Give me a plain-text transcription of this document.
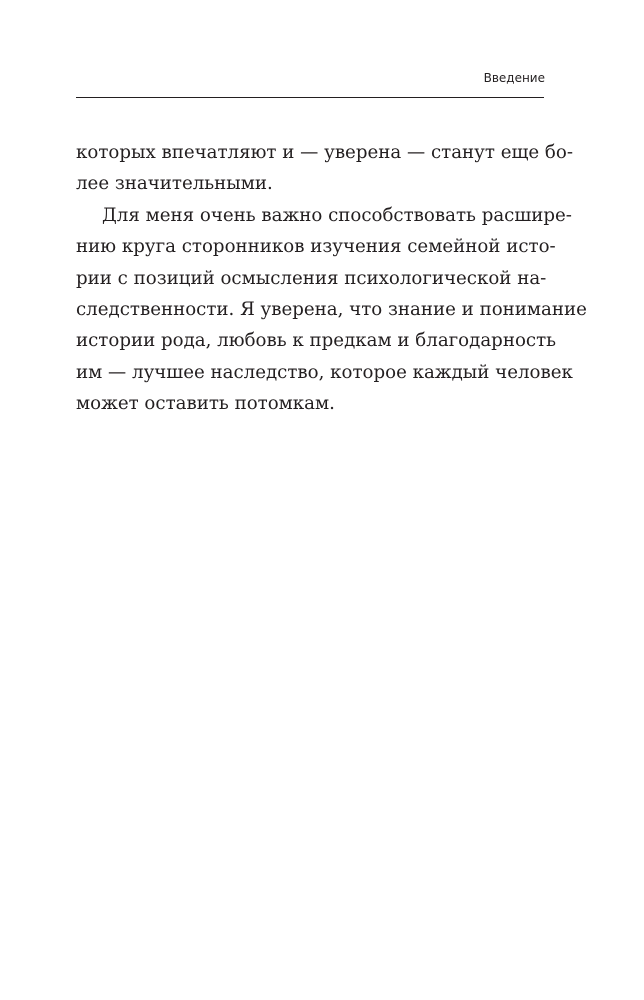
Введение
которых впечатляют и — уверена — станут еще бо-
лее значительными.
Для меня очень важно способствовать расшире-
нию круга сторонников изучения семейной исто-
рии с позиций осмысления психологической на-
следственности. Я уверена, что знание и понимание
истории рода, любовь к предкам и благодарность
им — лучшее наследство, которое каждый человек
может оставить потомкам.
